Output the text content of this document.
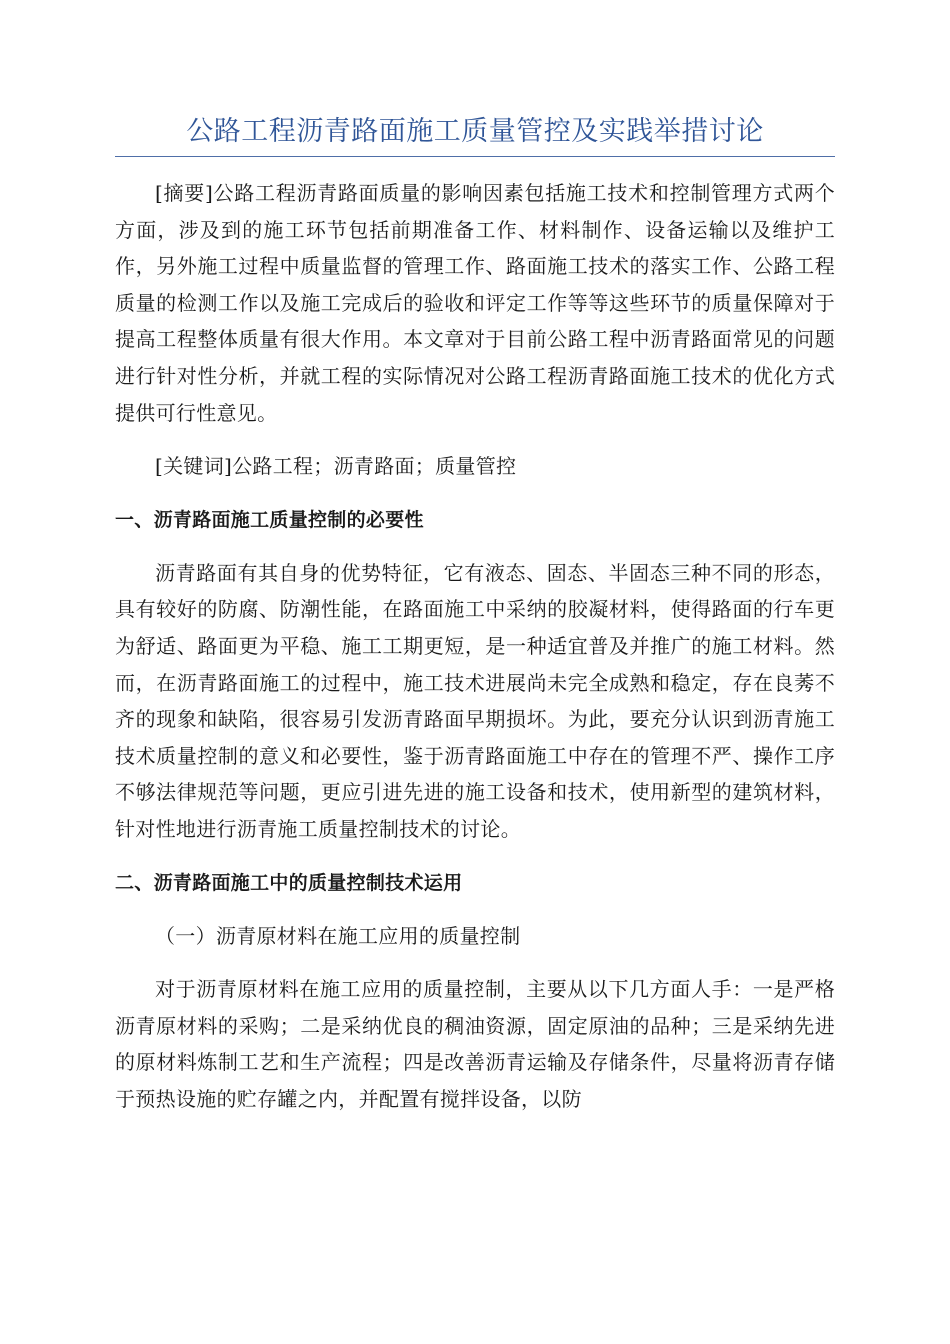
公路工程沥青路面施工质量管控及实践举措讨论

[摘要]公路工程沥青路面质量的影响因素包括施工技术和控制管理方式两个方面，涉及到的施工环节包括前期准备工作、材料制作、设备运输以及维护工作，另外施工过程中质量监督的管理工作、路面施工技术的落实工作、公路工程质量的检测工作以及施工完成后的验收和评定工作等等这些环节的质量保障对于提高工程整体质量有很大作用。本文章对于目前公路工程中沥青路面常见的问题进行针对性分析，并就工程的实际情况对公路工程沥青路面施工技术的优化方式提供可行性意见。

[关键词]公路工程；沥青路面；质量管控

一、沥青路面施工质量控制的必要性

沥青路面有其自身的优势特征，它有液态、固态、半固态三种不同的形态，具有较好的防腐、防潮性能，在路面施工中采纳的胶凝材料，使得路面的行车更为舒适、路面更为平稳、施工工期更短，是一种适宜普及并推广的施工材料。然而，在沥青路面施工的过程中，施工技术进展尚未完全成熟和稳定，存在良莠不齐的现象和缺陷，很容易引发沥青路面早期损坏。为此，要充分认识到沥青施工技术质量控制的意义和必要性，鉴于沥青路面施工中存在的管理不严、操作工序不够法律规范等问题，更应引进先进的施工设备和技术，使用新型的建筑材料，针对性地进行沥青施工质量控制技术的讨论。

二、沥青路面施工中的质量控制技术运用

（一）沥青原材料在施工应用的质量控制

对于沥青原材料在施工应用的质量控制，主要从以下几方面人手：一是严格沥青原材料的采购；二是采纳优良的稠油资源，固定原油的品种；三是采纳先进的原材料炼制工艺和生产流程；四是改善沥青运输及存储条件，尽量将沥青存储于预热设施的贮存罐之内，并配置有搅拌设备，以防
